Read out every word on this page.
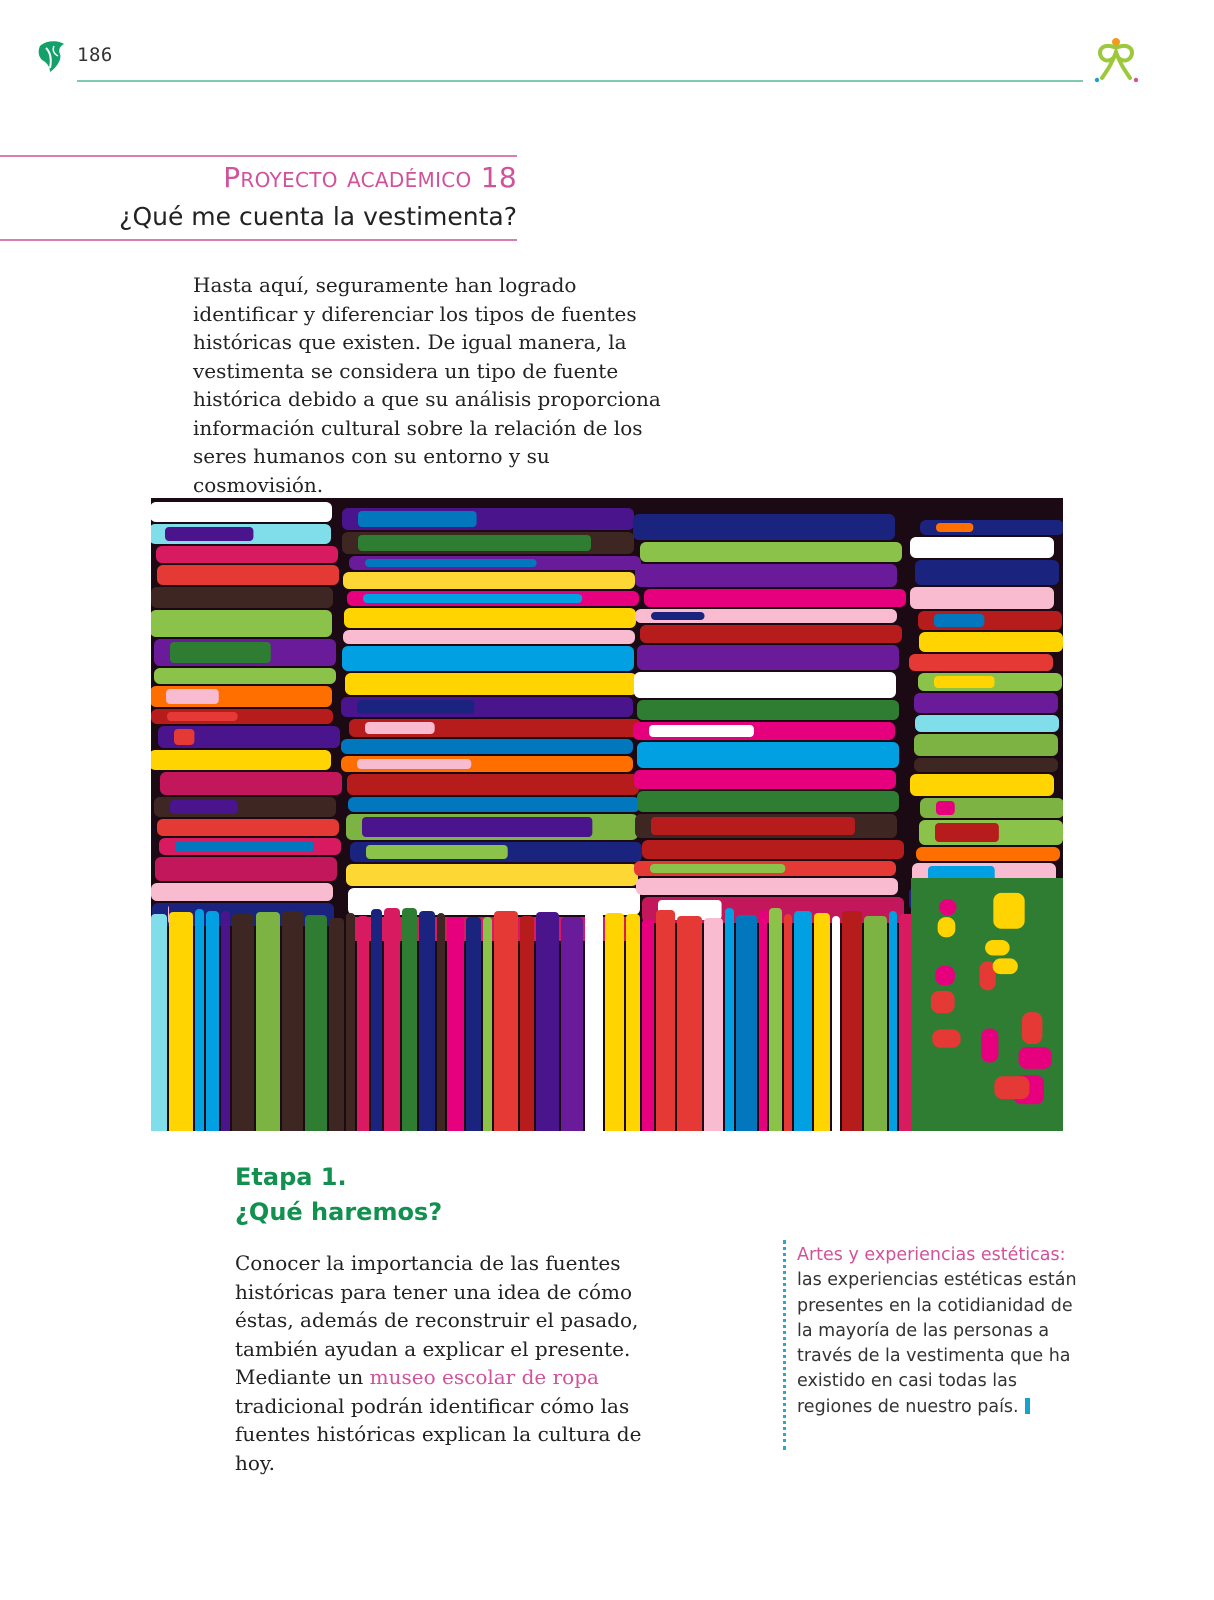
186
Proyecto académico 18
¿Qué me cuenta la vestimenta?

Hasta aquí, seguramente han logrado identificar y diferenciar los tipos de fuentes históricas que existen. De igual manera, la vestimenta se considera un tipo de fuente histórica debido a que su análisis proporciona información cultural sobre la relación de los seres humanos con su entorno y su cosmovisión.

Etapa 1.
¿Qué haremos?

Conocer la importancia de las fuentes históricas para tener una idea de cómo éstas, además de reconstruir el pasado, también ayudan a explicar el presente. Mediante un museo escolar de ropa tradicional podrán identificar cómo las fuentes históricas explican la cultura de hoy.

Artes y experiencias estéticas: las experiencias estéticas están presentes en la cotidianidad de la mayoría de las personas a través de la vestimenta que ha existido en casi todas las regiones de nuestro país.
